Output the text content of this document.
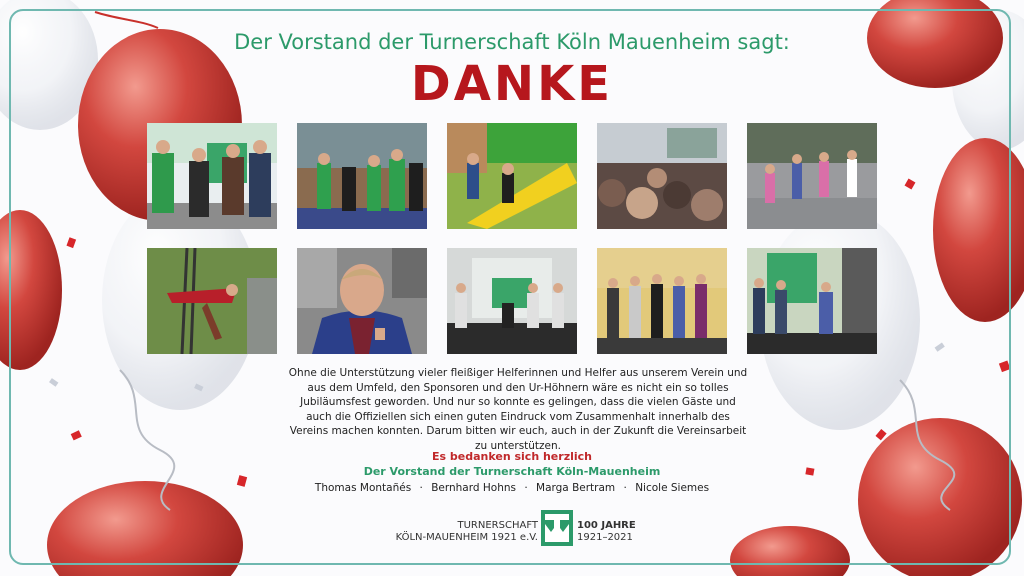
Der Vorstand der Turnerschaft Köln Mauenheim sagt:
DANKE
Ohne die Unterstützung vieler fleißiger Helferinnen und Helfer aus unserem Verein und aus dem Umfeld, den Sponsoren und den Ur-Höhnern wäre es nicht ein so tolles Jubiläumsfest geworden. Und nur so konnte es gelingen, dass die vielen Gäste und auch die Offiziellen sich einen guten Eindruck vom Zusammenhalt innerhalb des Vereins machen konnten. Darum bitten wir euch, auch in der Zukunft die Vereinsarbeit zu unterstützen.
Es bedanken sich herzlich
Der Vorstand der Turnerschaft Köln-Mauenheim
Thomas Montañés · Bernhard Hohns · Marga Bertram · Nicole Siemes
TURNERSCHAFT
KÖLN-MAUENHEIM 1921 e.V.
100 JAHRE
1921–2021
